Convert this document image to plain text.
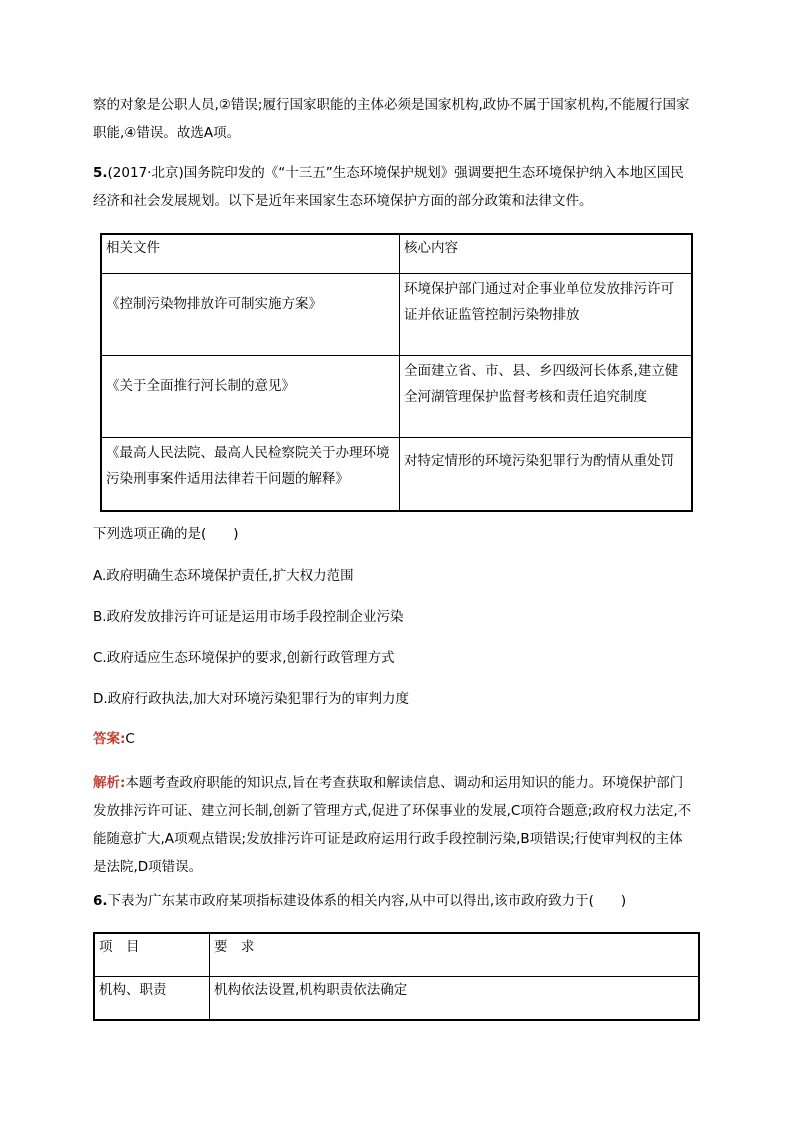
察的对象是公职人员,②错误;履行国家职能的主体必须是国家机构,政协不属于国家机构,不能履行国家职能,④错误。故选A项。

5.(2017·北京)国务院印发的《“十三五”生态环境保护规划》强调要把生态环境保护纳入本地区国民经济和社会发展规划。以下是近年来国家生态环境保护方面的部分政策和法律文件。

相关文件	核心内容
《控制污染物排放许可制实施方案》	环境保护部门通过对企事业单位发放排污许可证并依证监管控制污染物排放
《关于全面推行河长制的意见》	全面建立省、市、县、乡四级河长体系,建立健全河湖管理保护监督考核和责任追究制度
《最高人民法院、最高人民检察院关于办理环境污染刑事案件适用法律若干问题的解释》	对特定情形的环境污染犯罪行为酌情从重处罚

下列选项正确的是(　　)

A.政府明确生态环境保护责任,扩大权力范围

B.政府发放排污许可证是运用市场手段控制企业污染

C.政府适应生态环境保护的要求,创新行政管理方式

D.政府行政执法,加大对环境污染犯罪行为的审判力度

答案:C

解析:本题考查政府职能的知识点,旨在考查获取和解读信息、调动和运用知识的能力。环境保护部门发放排污许可证、建立河长制,创新了管理方式,促进了环保事业的发展,C项符合题意;政府权力法定,不能随意扩大,A项观点错误;发放排污许可证是政府运用行政手段控制污染,B项错误;行使审判权的主体是法院,D项错误。

6.下表为广东某市政府某项指标建设体系的相关内容,从中可以得出,该市政府致力于(　　)

项　目	要　求
机构、职责	机构依法设置,机构职责依法确定
